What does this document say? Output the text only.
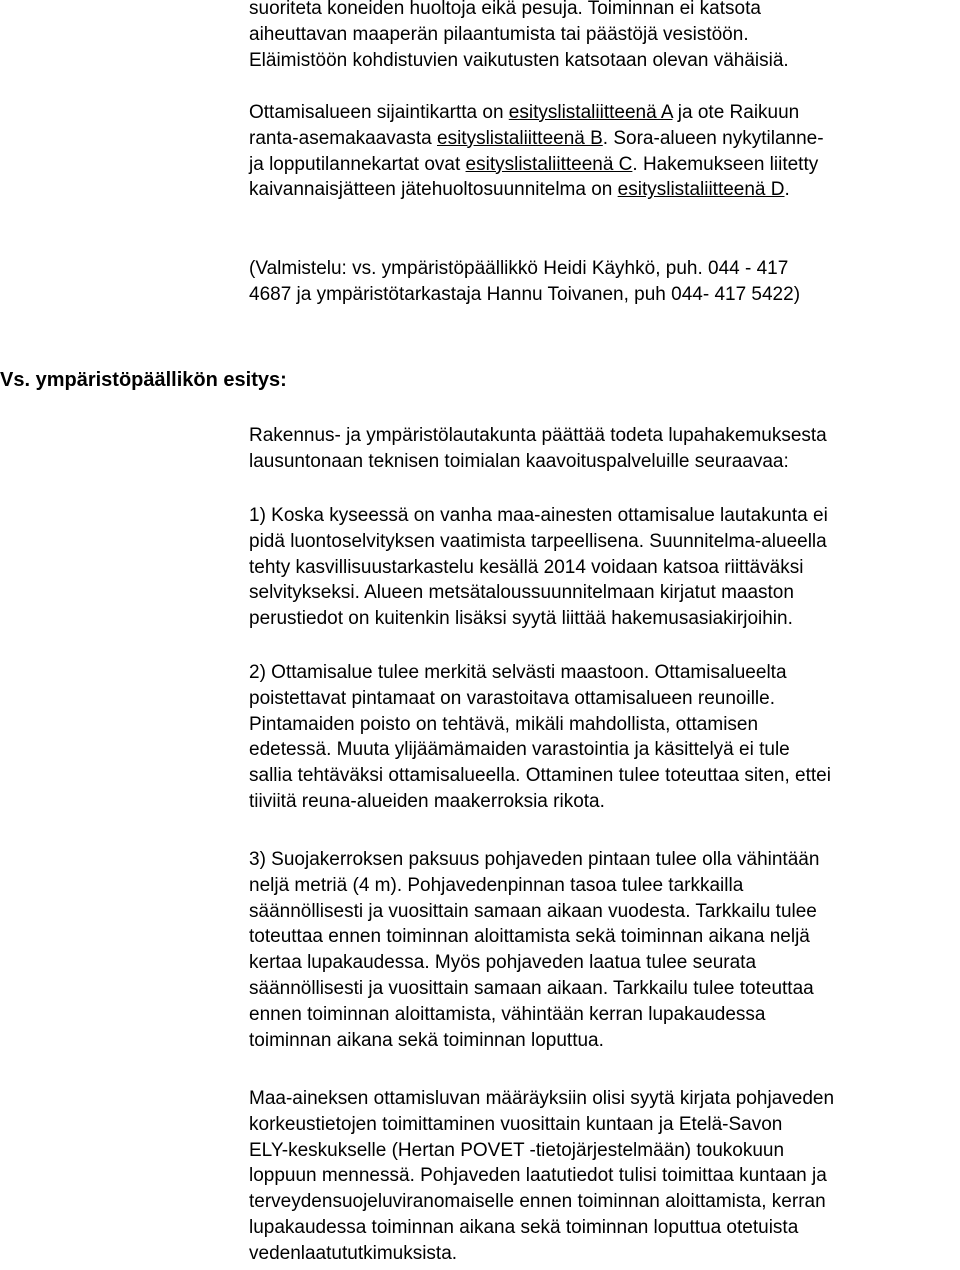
suoriteta koneiden huoltoja eikä pesuja. Toiminnan ei katsota

aiheuttavan maaperän pilaantumista tai päästöjä vesistöön.

Eläimistöön kohdistuvien vaikutusten katsotaan olevan vähäisiä.

Ottamisalueen sijaintikartta on esityslistaliitteenä A ja ote Raikuun

ranta-asemakaavasta esityslistaliitteenä B. Sora-alueen nykytilanne-

ja lopputilannekartat ovat esityslistaliitteenä C. Hakemukseen liitetty

kaivannaisjätteen jätehuoltosuunnitelma on esityslistaliitteenä D.

(Valmistelu: vs. ympäristöpäällikkö Heidi Käyhkö, puh. 044 - 417

4687 ja ympäristötarkastaja Hannu Toivanen, puh 044- 417 5422)

Vs. ympäristöpäällikön esitys:

Rakennus- ja ympäristölautakunta päättää todeta lupahakemuksesta

lausuntonaan teknisen toimialan kaavoituspalveluille seuraavaa:

1) Koska kyseessä on vanha maa-ainesten ottamisalue lautakunta ei

pidä luontoselvityksen vaatimista tarpeellisena. Suunnitelma-alueella

tehty kasvillisuustarkastelu kesällä 2014 voidaan katsoa riittäväksi

selvitykseksi. Alueen metsätaloussuunnitelmaan kirjatut maaston

perustiedot on kuitenkin lisäksi syytä liittää hakemusasiakirjoihin.

2) Ottamisalue tulee merkitä selvästi maastoon. Ottamisalueelta

poistettavat pintamaat on varastoitava ottamisalueen reunoille.

Pintamaiden poisto on tehtävä, mikäli mahdollista, ottamisen

edetessä. Muuta ylijäämämaiden varastointia ja käsittelyä ei tule

sallia tehtäväksi ottamisalueella. Ottaminen tulee toteuttaa siten, ettei

tiiviitä reuna-alueiden maakerroksia rikota.

3) Suojakerroksen paksuus pohjaveden pintaan tulee olla vähintään

neljä metriä (4 m). Pohjavedenpinnan tasoa tulee tarkkailla

säännöllisesti ja vuosittain samaan aikaan vuodesta. Tarkkailu tulee

toteuttaa ennen toiminnan aloittamista sekä toiminnan aikana neljä

kertaa lupakaudessa. Myös pohjaveden laatua tulee seurata

säännöllisesti ja vuosittain samaan aikaan. Tarkkailu tulee toteuttaa

ennen toiminnan aloittamista, vähintään kerran lupakaudessa

toiminnan aikana sekä toiminnan loputtua.

Maa-aineksen ottamisluvan määräyksiin olisi syytä kirjata pohjaveden

korkeustietojen toimittaminen vuosittain kuntaan ja Etelä-Savon

ELY-keskukselle (Hertan POVET -tietojärjestelmään) toukokuun

loppuun mennessä. Pohjaveden laatutiedot tulisi toimittaa kuntaan ja

terveydensuojeluviranomaiselle ennen toiminnan aloittamista, kerran

lupakaudessa toiminnan aikana sekä toiminnan loputtua otetuista

vedenlaatututkimuksista.
